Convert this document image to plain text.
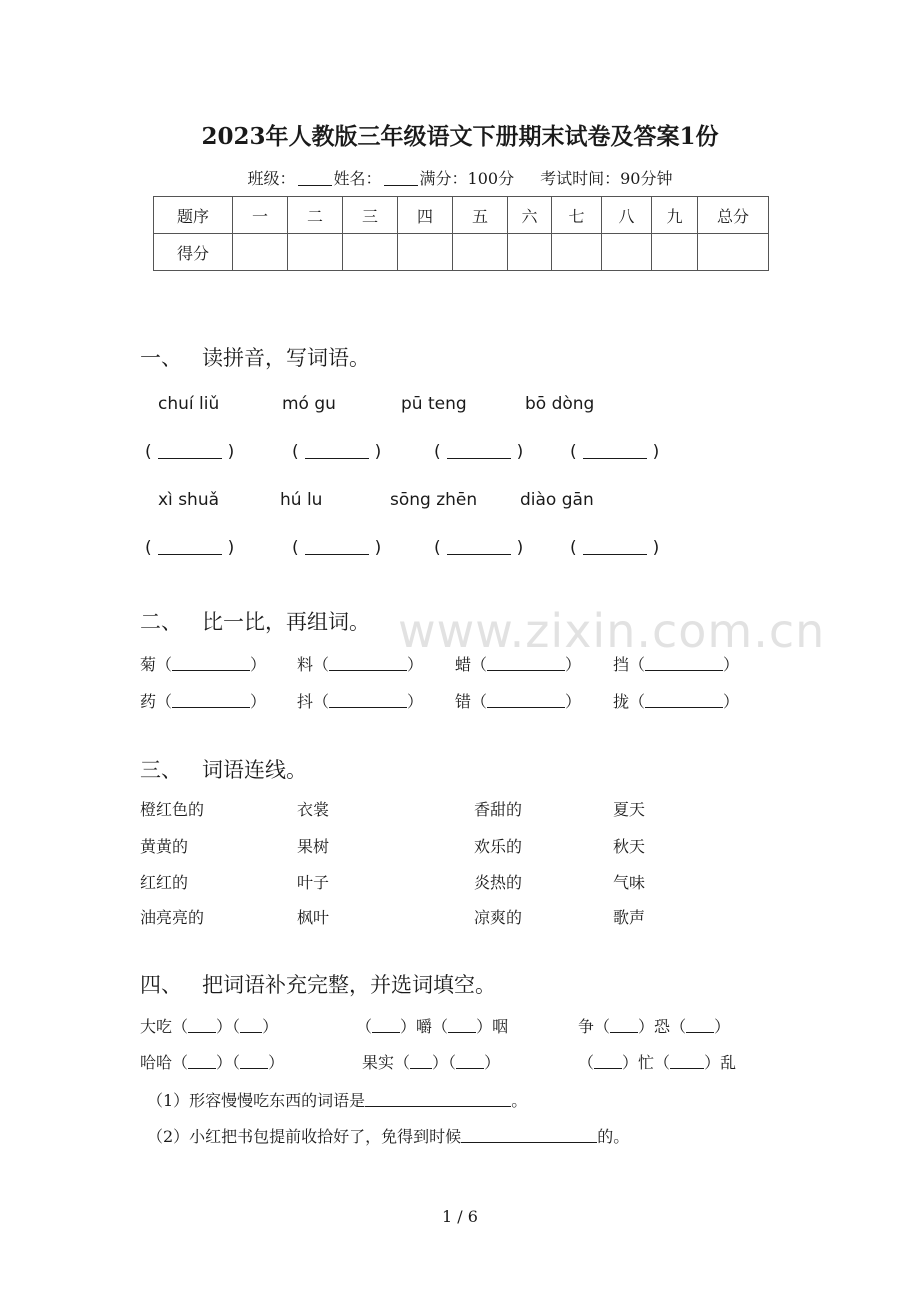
2023年人教版三年级语文下册期末试卷及答案1份
班级： 姓名： 满分：100分 考试时间：90分钟
题序	一	二	三	四	五	六	七	八	九	总分
得分										
一、 读拼音，写词语。
chuí liǔ	mó gu	pū teng	bō dòng
(	)	(	)	(	)	(	)
xì shuǎ	hú lu	sōng zhēn	diào gān
(	)	(	)	(	)	(	)
www.zixin.com.cn
二、 比一比，再组词。
菊（	） 料（	） 蜡（	） 挡（	）
药（	） 抖（	） 错（	） 拢（	）
三、 词语连线。
橙红色的	衣裳	香甜的	夏天
黄黄的	果树	欢乐的	秋天
红红的	叶子	炎热的	气味
油亮亮的	枫叶	凉爽的	歌声
四、 把词语补充完整，并选词填空。
大吃（ ）（ ）	（ ）嚼（ ）咽	争（ ）恐（ ）
哈哈（ ）（ ）	果实（ ）（ ）	（ ）忙（ ）乱
（1）形容慢慢吃东西的词语是	。
（2）小红把书包提前收拾好了，免得到时候	的。
1 / 6
